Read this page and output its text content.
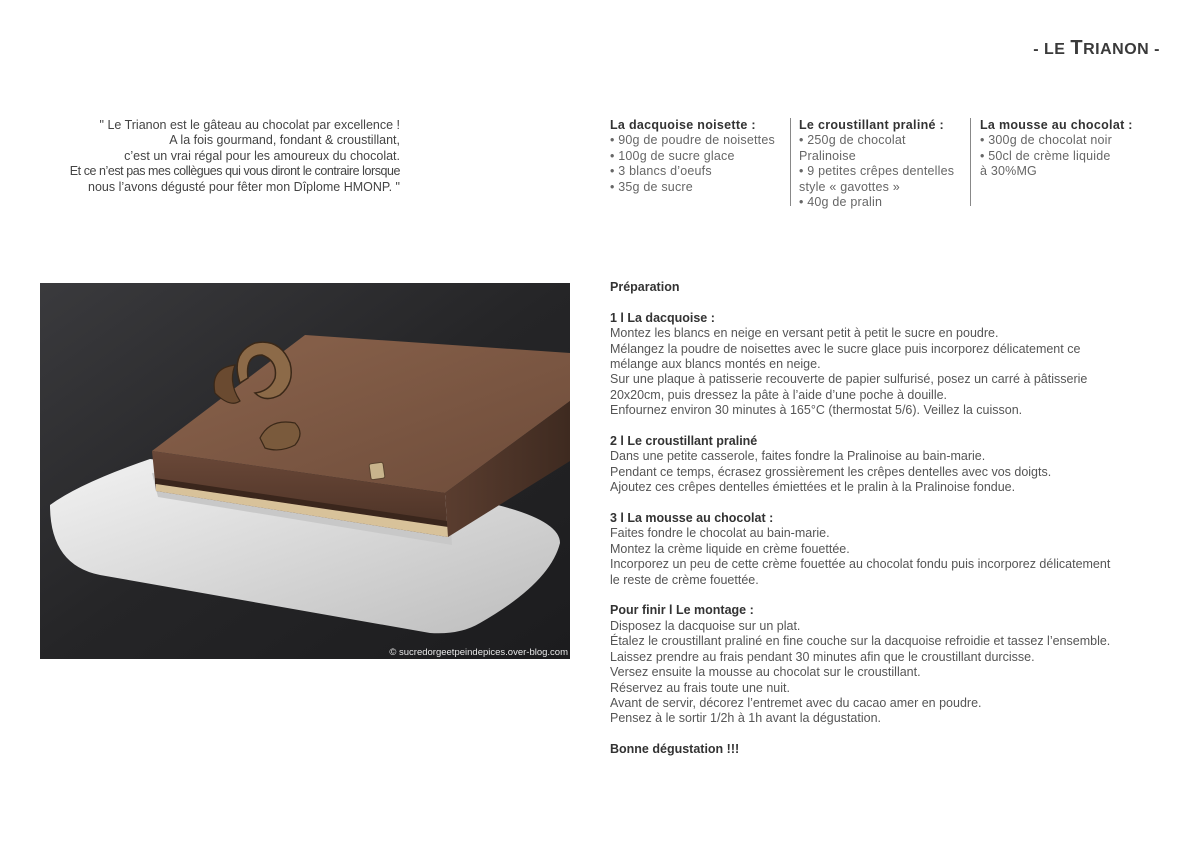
- LE TRIANON -
" Le Trianon est le gâteau au chocolat par excellence !
A la fois gourmand, fondant & croustillant,
c’est un vrai régal pour les amoureux du chocolat.
Et ce n’est pas mes collègues qui vous diront le contraire lorsque
nous l’avons dégusté pour fêter mon Dîplome HMONP. "
La dacquoise noisette :
• 90g de poudre de noisettes
• 100g de sucre glace
• 3 blancs d’oeufs
• 35g de sucre
Le croustillant praliné :
• 250g de chocolat Pralinoise
• 9 petites crêpes dentelles
style « gavottes »
• 40g de pralin
La mousse au chocolat :
• 300g de chocolat noir
• 50cl de crème liquide
à 30%MG
© sucredorgeetpeindepices.over-blog.com
Préparation
1 l La dacquoise :
Montez les blancs en neige en versant petit à petit le sucre en poudre.
Mélangez la poudre de noisettes avec le sucre glace puis incorporez délicatement ce
mélange aux blancs montés en neige.
Sur une plaque à patisserie recouverte de papier sulfurisé, posez un carré à pâtisserie
20x20cm, puis dressez la pâte à l’aide d’une poche à douille.
Enfournez environ 30 minutes à 165°C (thermostat 5/6). Veillez la cuisson.
2 l Le croustillant praliné
Dans une petite casserole, faites fondre la Pralinoise au bain-marie.
Pendant ce temps, écrasez grossièrement les crêpes dentelles avec vos doigts.
Ajoutez ces crêpes dentelles émiettées et le pralin à la Pralinoise fondue.
3 l La mousse au chocolat :
Faites fondre le chocolat au bain-marie.
Montez la crème liquide en crème fouettée.
Incorporez un peu de cette crème fouettée au chocolat fondu puis incorporez délicatement
le reste de crème fouettée.
Pour finir l Le montage :
Disposez la dacquoise sur un plat.
Étalez le croustillant praliné en fine couche sur la dacquoise refroidie et tassez l’ensemble.
Laissez prendre au frais pendant 30 minutes afin que le croustillant durcisse.
Versez ensuite la mousse au chocolat sur le croustillant.
Réservez au frais toute une nuit.
Avant de servir, décorez l’entremet avec du cacao amer en poudre.
Pensez à le sortir 1/2h à 1h avant la dégustation.
Bonne dégustation !!!
